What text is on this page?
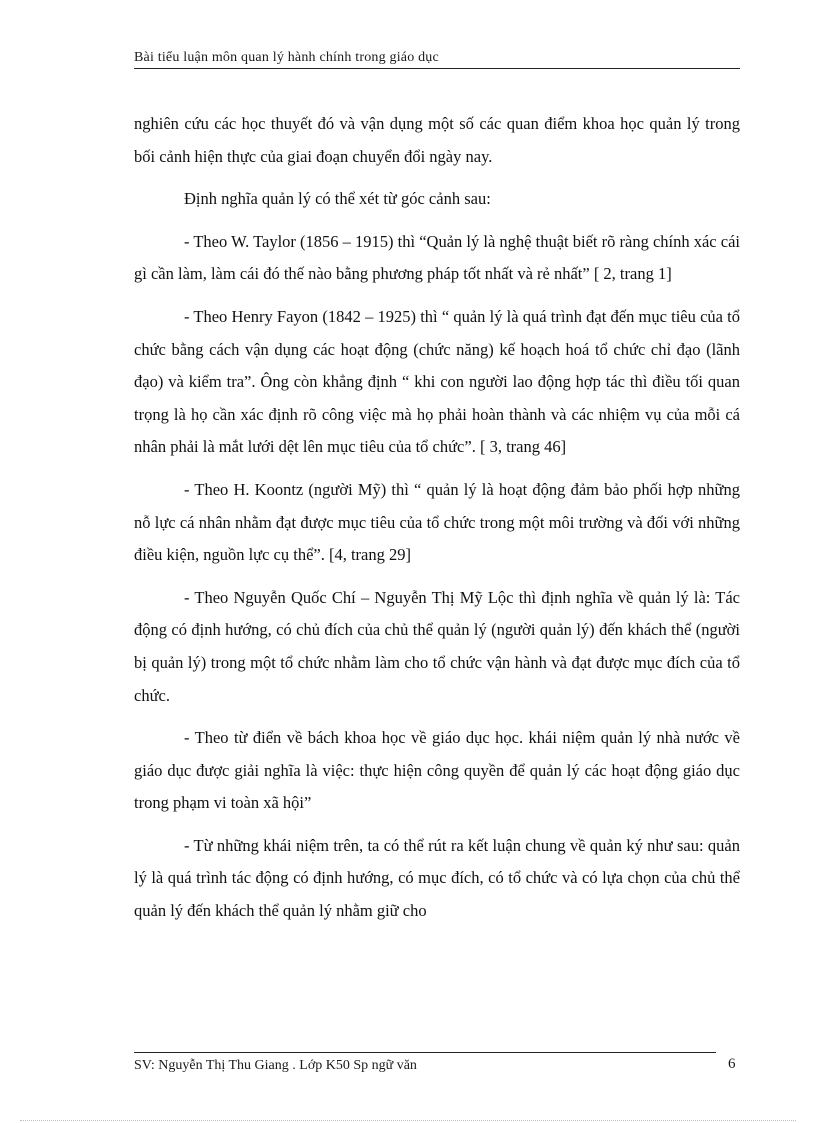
Bài tiểu luận môn quan lý hành chính trong giáo dục

nghiên cứu các học thuyết đó và vận dụng một số các quan điểm khoa học quản lý trong bối cảnh hiện thực của giai đoạn chuyển đổi ngày nay.

Định nghĩa quản lý có thể xét từ góc cảnh sau:

- Theo W. Taylor (1856 – 1915) thì “Quản lý là nghệ thuật biết rõ ràng chính xác cái gì cần làm, làm cái đó thế nào bằng phương pháp tốt nhất và rẻ nhất” [ 2, trang 1]

- Theo Henry Fayon (1842 – 1925) thì “ quản lý là quá trình đạt đến mục tiêu của tổ chức bằng cách vận dụng các hoạt động (chức năng) kế hoạch hoá tổ chức chỉ đạo (lãnh đạo) và kiểm tra”. Ông còn khẳng định “ khi con người lao động hợp tác thì điều tối quan trọng là họ cần xác định rõ công việc mà họ phải hoàn thành và các nhiệm vụ của mỗi cá nhân phải là mắt lưới dệt lên mục tiêu của tổ chức”. [ 3, trang 46]

- Theo H. Koontz (người Mỹ) thì “ quản lý là hoạt động đảm bảo phối hợp những nỗ lực cá nhân nhằm đạt được mục tiêu của tổ chức trong một môi trường và đối với những điều kiện, nguồn lực cụ thể”. [4, trang 29]

- Theo Nguyễn Quốc Chí – Nguyễn Thị Mỹ Lộc thì định nghĩa về quản lý là: Tác động có định hướng, có chủ đích của chủ thể quản lý (người quản lý) đến khách thể (người bị quản lý) trong một tổ chức nhằm làm cho tổ chức vận hành và đạt được mục đích của tổ chức.

- Theo từ điển về bách khoa học về giáo dục học. khái niệm quản lý nhà nước về giáo dục được giải nghĩa là việc: thực hiện công quyền để quản lý các hoạt động giáo dục trong phạm vi toàn xã hội”

- Từ những khái niệm trên, ta có thể rút ra kết luận chung về quản ký như sau: quản lý là quá trình tác động có định hướng, có mục đích, có tổ chức và có lựa chọn của chủ thể quản lý đến khách thể quản lý nhằm giữ cho

SV: Nguyễn Thị Thu Giang . Lớp K50 Sp ngữ văn	6
